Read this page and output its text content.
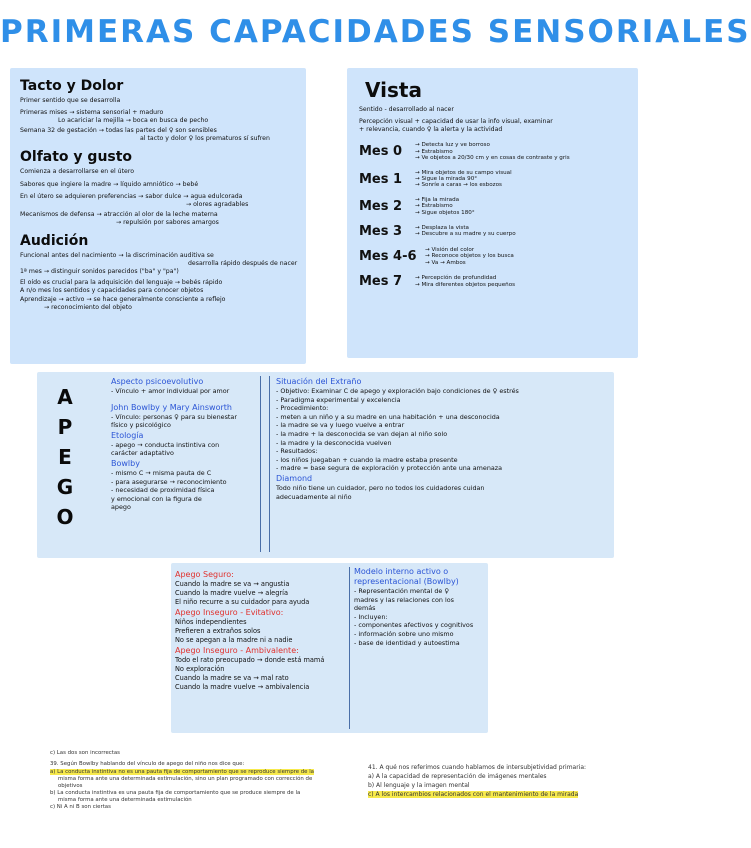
PRIMERAS CAPACIDADES SENSORIALES
Tacto y Dolor
Primer sentido que se desarrolla
Primeras mises → sistema sensorial + maduro
Lo acariciar la mejilla → boca en busca de pecho
Semana 32 de gestación → todas las partes del ♀ son sensibles
al tacto y dolor ♀ los prematuros sí sufren
Olfato y gusto
Comienza a desarrollarse en el útero
Sabores que ingiere la madre → líquido amniótico → bebé
En el útero se adquieren preferencias → sabor dulce → agua edulcorada
→ olores agradables
Mecanismos de defensa → atracción al olor de la leche materna
→ repulsión por sabores amargos
Audición
Funcional antes del nacimiento → la discriminación auditiva se
desarrolla rápido después de nacer
1ª mes → distinguir sonidos parecidos ("ba" y "pa")
El oído es crucial para la adquisición del lenguaje → bebés rápido
A n/o mes los sentidos y capacidades para conocer objetos
Aprendizaje → activo → se hace generalmente consciente a reflejo
→ reconocimiento del objeto
Vista
Sentido - desarrollado al nacer
Percepción visual + capacidad de usar la info visual, examinar
+ relevancia, cuando ♀ la alerta y la actividad
Mes 0	→ Detecta luz y ve borroso
→ Estrabismo
→ Ve objetos a 20/30 cm y en cosas de contraste y gris
Mes 1	→ Mira objetos de su campo visual
→ Sigue la mirada 90°
→ Sonríe a caras → los esbozos
Mes 2	→ Fija la mirada
→ Estrabismo
→ Sigue objetos 180°
Mes 3	→ Desplaza la vista
→ Descubre a su madre y su cuerpo
Mes 4-6	→ Visión del color
→ Reconoce objetos y los busca
→ Va → Ambos
Mes 7	→ Percepción de profundidad
→ Mira diferentes objetos pequeños
A
P
E
G
O
Aspecto psicoevolutivo
- Vínculo + amor individual por amor
John Bowlby y Mary Ainsworth
- Vínculo: personas ♀ para su bienestar
físico y psicológico
Etología
- apego → conducta instintiva con
carácter adaptativo
Bowlby
- mismo C → misma pauta de C
- para asegurarse → reconocimiento
- necesidad de proximidad física
y emocional con la figura de
apego
Situación del Extraño
- Objetivo: Examinar C de apego y exploración bajo condiciones de ♀ estrés
- Paradigma experimental y excelencia
- Procedimiento:
- meten a un niño y a su madre en una habitación + una desconocida
- la madre se va y luego vuelve a entrar
- la madre + la desconocida se van dejan al niño solo
- la madre y la desconocida vuelven
- Resultados:
- los niños juegaban + cuando la madre estaba presente
- madre = base segura de exploración y protección ante una amenaza
Diamond
Todo niño tiene un cuidador, pero no todos los cuidadores cuidan
adecuadamente al niño
Apego Seguro:
Cuando la madre se va → angustia
Cuando la madre vuelve → alegría
El niño recurre a su cuidador para ayuda
Apego Inseguro - Evitativo:
Niños independientes
Prefieren a extraños solos
No se apegan a la madre ni a nadie
Apego Inseguro - Ambivalente:
Todo el rato preocupado → donde está mamá
No exploración
Cuando la madre se va → mal rato
Cuando la madre vuelve → ambivalencia
Modelo interno activo o
representacional (Bowlby)
- Representación mental de ♀
madres y las relaciones con los
demás
- Incluyen:
- componentes afectivos y cognitivos
- información sobre uno mismo
- base de identidad y autoestima
c) Las dos son incorrectas
39. Según Bowlby hablando del vínculo de apego del niño nos dice que:
a) La conducta instintiva no es una pauta fija de comportamiento que se reproduce siempre de la
misma forma ante una determinada estimulación, sino un plan programado con corrección de
objetivos
b) La conducta instintiva es una pauta fija de comportamiento que se produce siempre de la
misma forma ante una determinada estimulación
c) Ni A ni B son ciertas
41. A qué nos referimos cuando hablamos de intersubjetividad primaria:
a) A la capacidad de representación de imágenes mentales
b) Al lenguaje y la imagen mental
c) A los intercambios relacionados con el mantenimiento de la mirada
